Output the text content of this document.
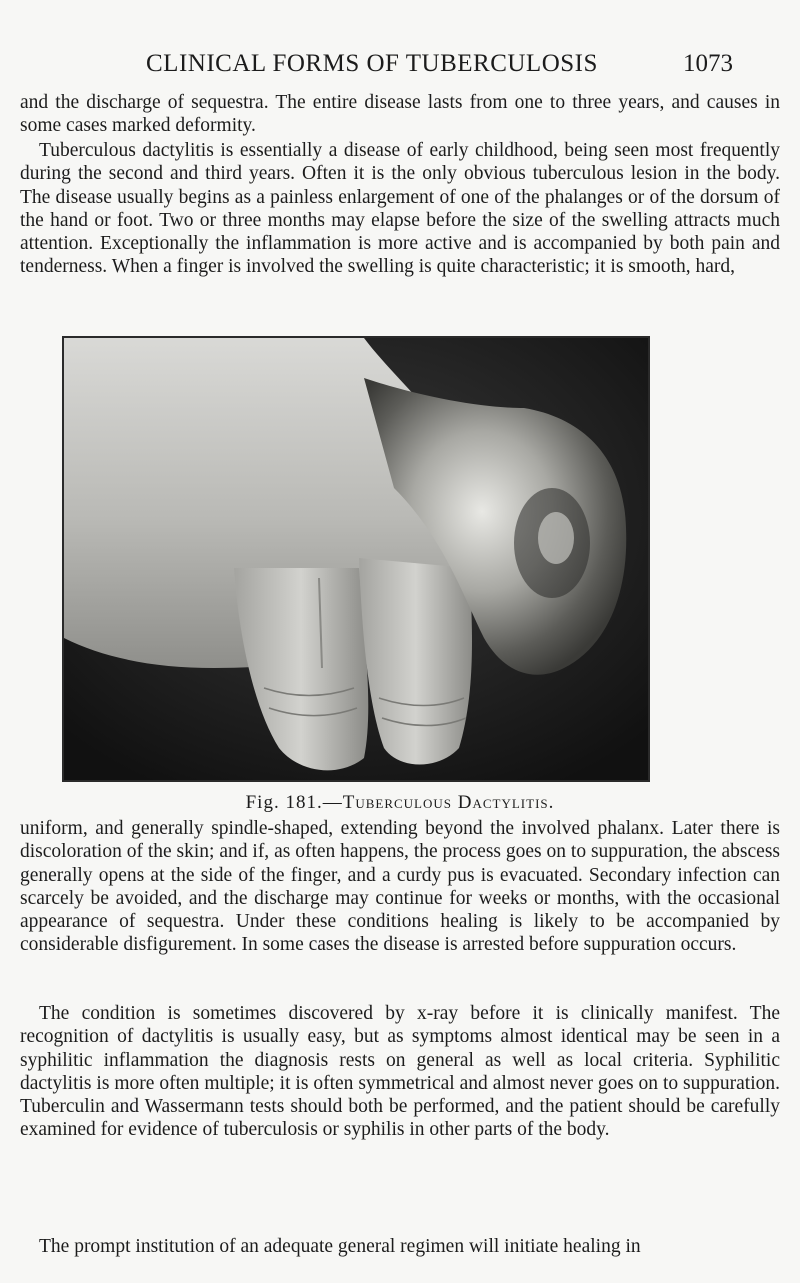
CLINICAL FORMS OF TUBERCULOSIS	1073

and the discharge of sequestra. The entire disease lasts from one to three years, and causes in some cases marked deformity.

Tuberculous dactylitis is essentially a disease of early childhood, being seen most frequently during the second and third years. Often it is the only obvious tuberculous lesion in the body. The disease usually begins as a painless enlargement of one of the phalanges or of the dorsum of the hand or foot. Two or three months may elapse before the size of the swelling attracts much attention. Exceptionally the inflammation is more active and is accompanied by both pain and tenderness. When a finger is involved the swelling is quite characteristic; it is smooth, hard,

Fig. 181.—Tuberculous Dactylitis.

uniform, and generally spindle-shaped, extending beyond the involved phalanx. Later there is discoloration of the skin; and if, as often happens, the process goes on to suppuration, the abscess generally opens at the side of the finger, and a curdy pus is evacuated. Secondary infection can scarcely be avoided, and the discharge may continue for weeks or months, with the occasional appearance of sequestra. Under these conditions healing is likely to be accompanied by considerable disfigurement. In some cases the disease is arrested before suppuration occurs.

The condition is sometimes discovered by x-ray before it is clinically manifest. The recognition of dactylitis is usually easy, but as symptoms almost identical may be seen in a syphilitic inflammation the diagnosis rests on general as well as local criteria. Syphilitic dactylitis is more often multiple; it is often symmetrical and almost never goes on to suppuration. Tuberculin and Wassermann tests should both be performed, and the patient should be carefully examined for evidence of tuberculosis or syphilis in other parts of the body.

The prompt institution of an adequate general regimen will initiate healing in
